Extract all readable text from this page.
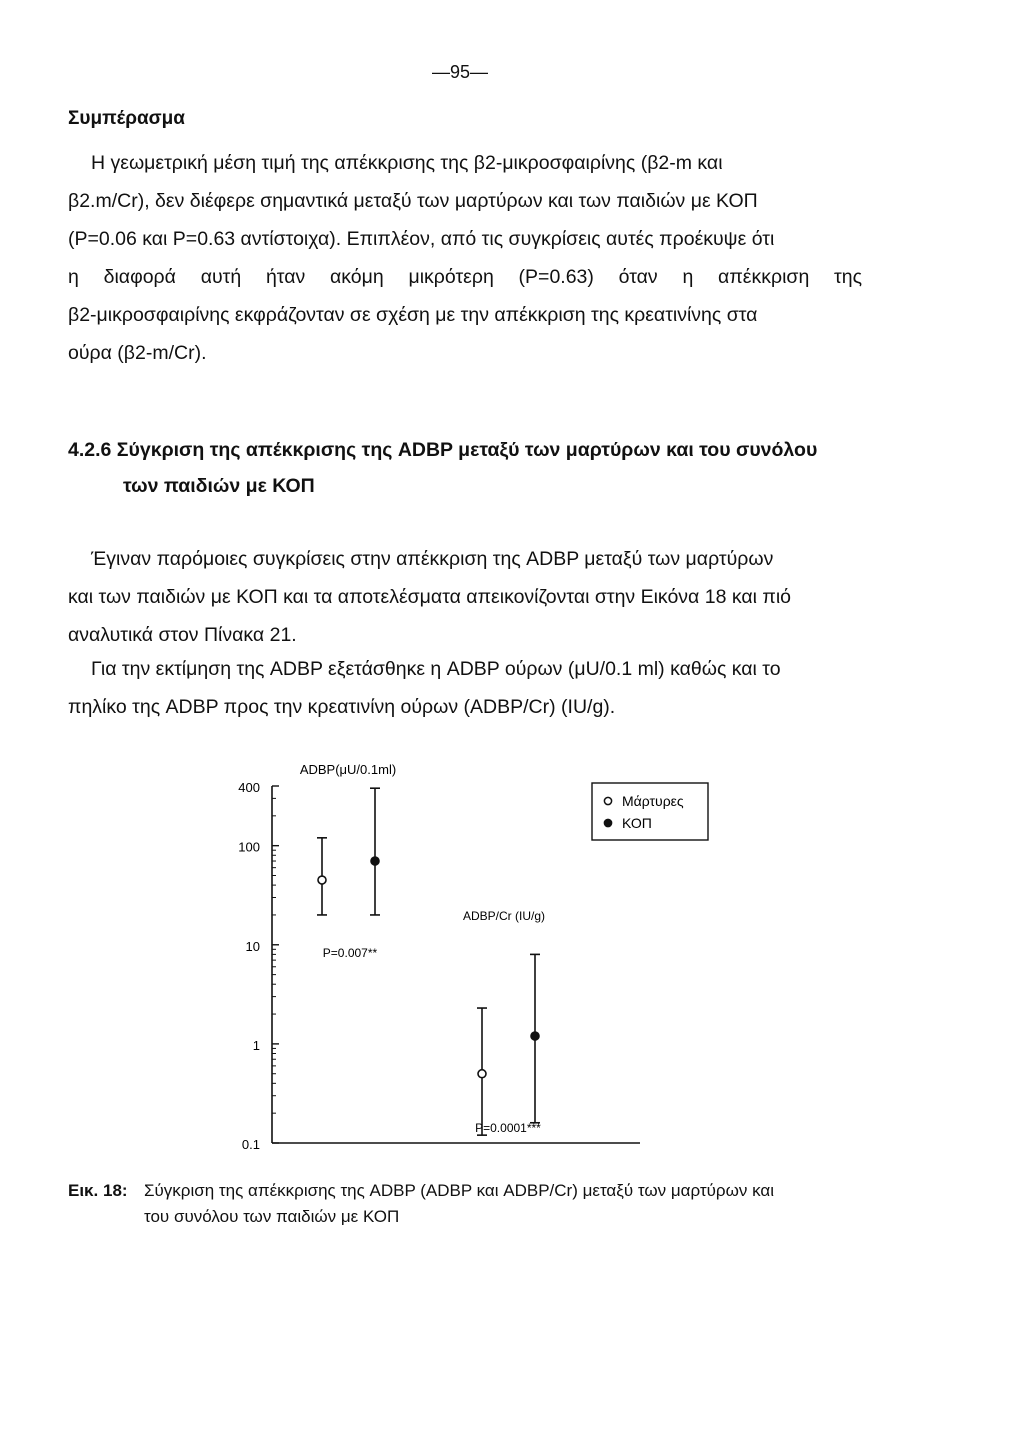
—95—
Συμπέρασμα

Η γεωμετρική μέση τιμή της απέκκρισης της β2-μικροσφαιρίνης (β2-m και

β2.m/Cr), δεν διέφερε σημαντικά μεταξύ των μαρτύρων και των παιδιών με ΚΟΠ

(P=0.06 και P=0.63 αντίστοιχα). Επιπλέον, από τις συγκρίσεις αυτές προέκυψε ότι

η διαφορά αυτή ήταν ακόμη μικρότερη (P=0.63) όταν η απέκκριση της

β2-μικροσφαιρίνης εκφράζονταν σε σχέση με την απέκκριση της κρεατινίνης στα

ούρα (β2-m/Cr).

4.2.6 Σύγκριση της απέκκρισης της ADBP μεταξύ των μαρτύρων και του συνόλου
των παιδιών με ΚΟΠ

Έγιναν παρόμοιες συγκρίσεις στην απέκκριση της ADBP μεταξύ των μαρτύρων

και των παιδιών με ΚΟΠ και τα αποτελέσματα απεικονίζονται στην Εικόνα 18 και πιό

αναλυτικά στον Πίνακα 21.

Για την εκτίμηση της ADBP εξετάσθηκε η ADBP ούρων (μU/0.1 ml) καθώς και το

πηλίκο της ADBP προς την κρεατινίνη ούρων (ADBP/Cr) (IU/g).

400
100
10
1
0.1
ADBP(μU/0.1ml)
P=0.007**
ADBP/Cr (IU/g)
P=0.0001***
Μάρτυρες
ΚΟΠ
Εικ. 18: Σύγκριση της απέκκρισης της ADBP (ADBP και ADBP/Cr) μεταξύ των μαρτύρων και
του συνόλου των παιδιών με ΚΟΠ
